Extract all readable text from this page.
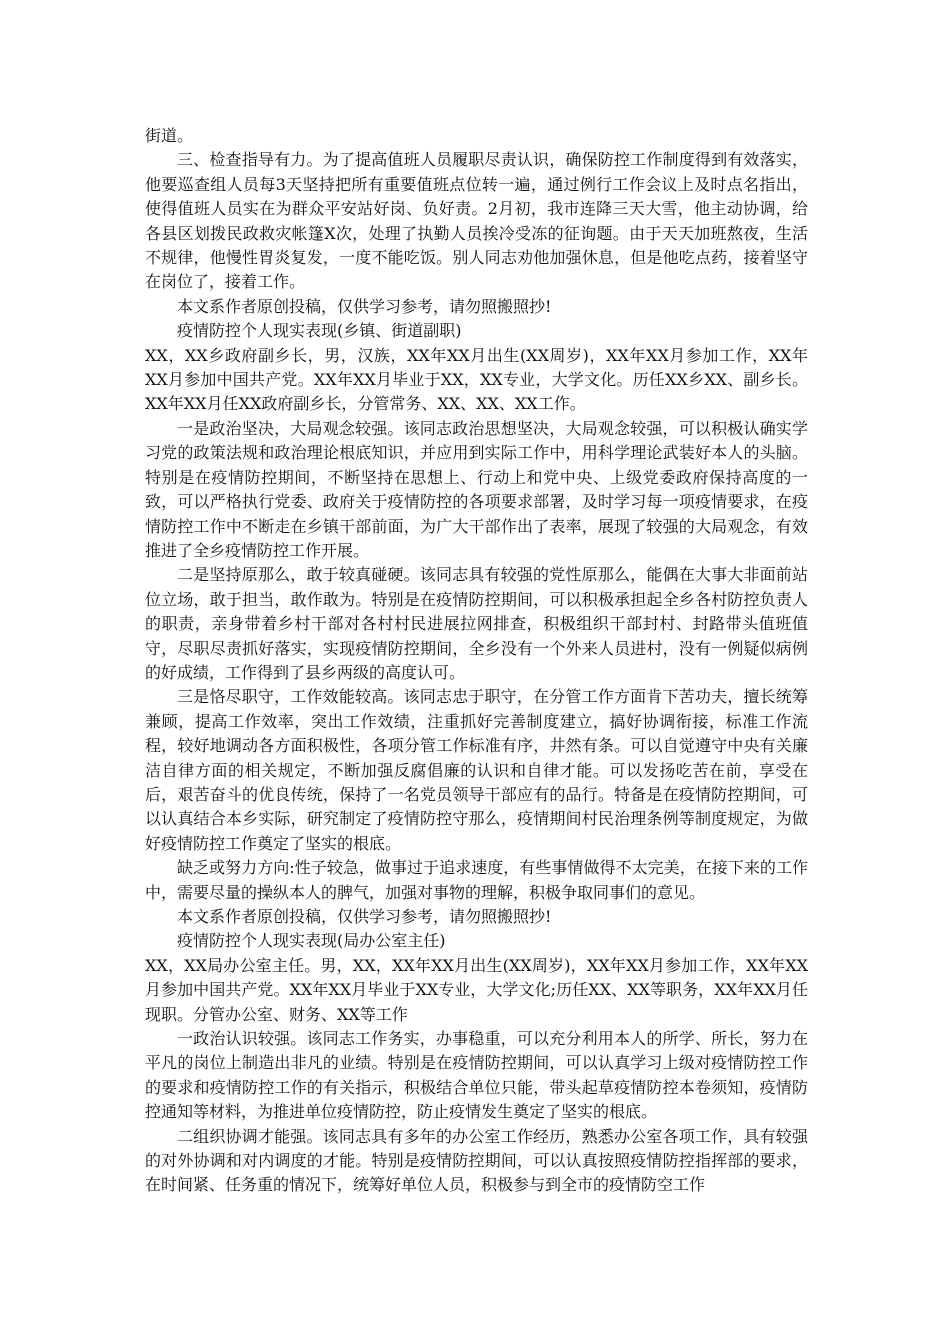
街道。

三、检查指导有力。为了提高值班人员履职尽责认识，确保防控工作制度得到有效落实，他要巡查组人员每3天坚持把所有重要值班点位转一遍，通过例行工作会议上及时点名指出，使得值班人员实在为群众平安站好岗、负好责。2月初，我市连降三天大雪，他主动协调，给各县区划拨民政救灾帐篷X次，处理了执勤人员挨冷受冻的征询题。由于天天加班熬夜，生活不规律，他慢性胃炎复发，一度不能吃饭。别人同志劝他加强休息，但是他吃点药，接着坚守在岗位了，接着工作。

本文系作者原创投稿，仅供学习参考，请勿照搬照抄!

疫情防控个人现实表现(乡镇、街道副职)

XX，XX乡政府副乡长，男，汉族，XX年XX月出生(XX周岁)，XX年XX月参加工作，XX年XX月参加中国共产党。XX年XX月毕业于XX，XX专业，大学文化。历任XX乡XX、副乡长。XX年XX月任XX政府副乡长，分管常务、XX、XX、XX工作。

一是政治坚决，大局观念较强。该同志政治思想坚决，大局观念较强，可以积极认确实学习党的政策法规和政治理论根底知识，并应用到实际工作中，用科学理论武装好本人的头脑。特别是在疫情防控期间，不断坚持在思想上、行动上和党中央、上级党委政府保持高度的一致，可以严格执行党委、政府关于疫情防控的各项要求部署，及时学习每一项疫情要求，在疫情防控工作中不断走在乡镇干部前面，为广大干部作出了表率，展现了较强的大局观念，有效推进了全乡疫情防控工作开展。

二是坚持原那么，敢于较真碰硬。该同志具有较强的党性原那么，能偶在大事大非面前站位立场，敢于担当，敢作敢为。特别是在疫情防控期间，可以积极承担起全乡各村防控负责人的职责，亲身带着乡村干部对各村村民进展拉网排查，积极组织干部封村、封路带头值班值守，尽职尽责抓好落实，实现疫情防控期间，全乡没有一个外来人员进村，没有一例疑似病例的好成绩，工作得到了县乡两级的高度认可。

三是恪尽职守，工作效能较高。该同志忠于职守，在分管工作方面肯下苦功夫，擅长统筹兼顾，提高工作效率，突出工作效绩，注重抓好完善制度建立，搞好协调衔接，标准工作流程，较好地调动各方面积极性，各项分管工作标准有序，井然有条。可以自觉遵守中央有关廉洁自律方面的相关规定，不断加强反腐倡廉的认识和自律才能。可以发扬吃苦在前，享受在后，艰苦奋斗的优良传统，保持了一名党员领导干部应有的品行。特备是在疫情防控期间，可以认真结合本乡实际，研究制定了疫情防控守那么，疫情期间村民治理条例等制度规定，为做好疫情防控工作奠定了坚实的根底。

缺乏或努力方向:性子较急，做事过于追求速度，有些事情做得不太完美，在接下来的工作中，需要尽量的操纵本人的脾气，加强对事物的理解，积极争取同事们的意见。

本文系作者原创投稿，仅供学习参考，请勿照搬照抄!

疫情防控个人现实表现(局办公室主任)

XX，XX局办公室主任。男，XX，XX年XX月出生(XX周岁)，XX年XX月参加工作，XX年XX月参加中国共产党。XX年XX月毕业于XX专业，大学文化;历任XX、XX等职务，XX年XX月任现职。分管办公室、财务、XX等工作

一政治认识较强。该同志工作务实，办事稳重，可以充分利用本人的所学、所长，努力在平凡的岗位上制造出非凡的业绩。特别是在疫情防控期间，可以认真学习上级对疫情防控工作的要求和疫情防控工作的有关指示，积极结合单位只能，带头起草疫情防控本卷须知，疫情防控通知等材料，为推进单位疫情防控，防止疫情发生奠定了坚实的根底。

二组织协调才能强。该同志具有多年的办公室工作经历，熟悉办公室各项工作，具有较强的对外协调和对内调度的才能。特别是疫情防控期间，可以认真按照疫情防控指挥部的要求，在时间紧、任务重的情况下，统筹好单位人员，积极参与到全市的疫情防空工作
